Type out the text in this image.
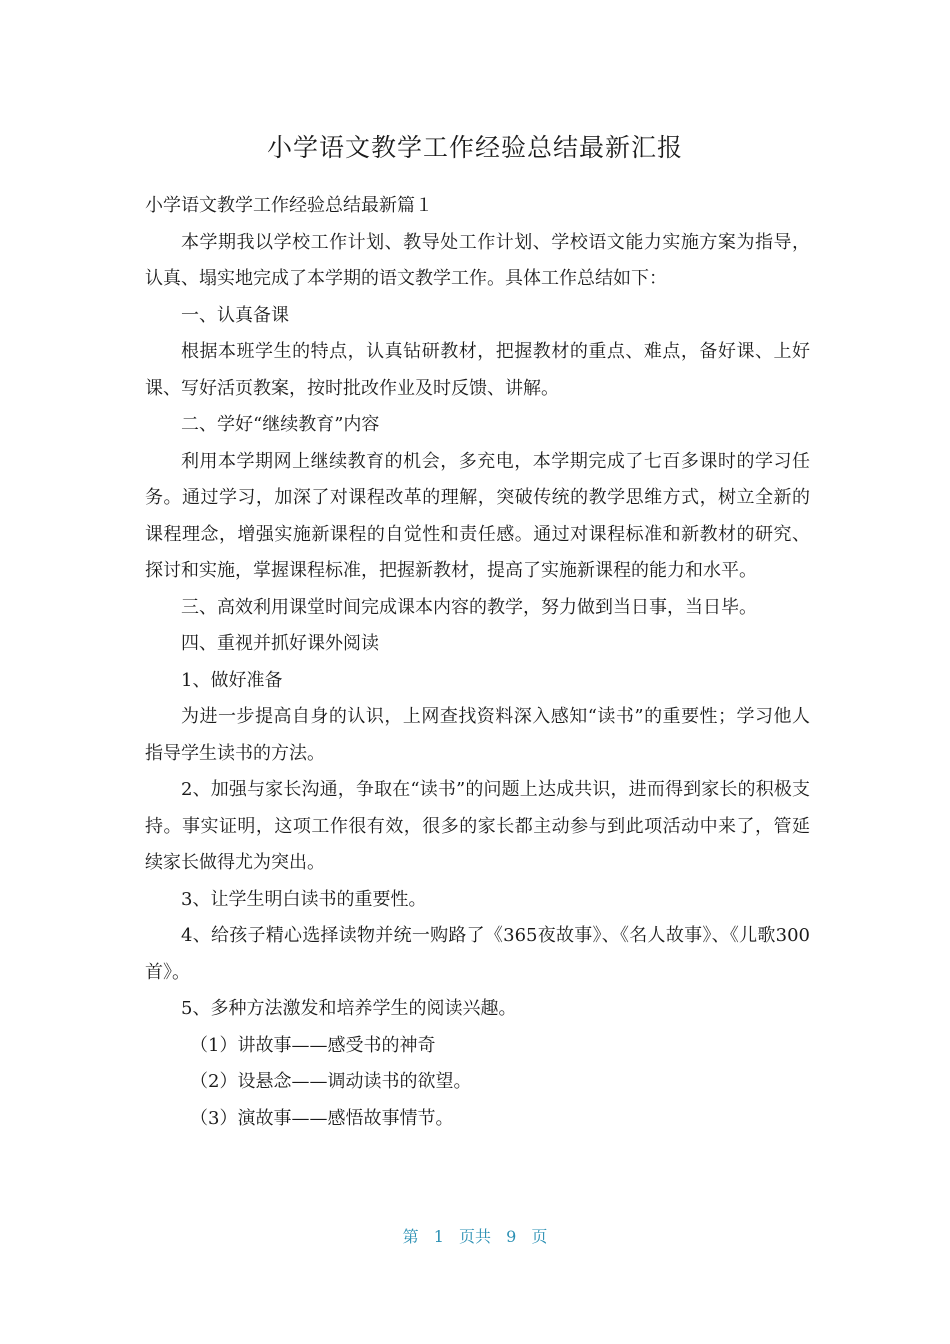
小学语文教学工作经验总结最新汇报

小学语文教学工作经验总结最新篇１

本学期我以学校工作计划、教导处工作计划、学校语文能力实施方案为指导，认真、塌实地完成了本学期的语文教学工作。具体工作总结如下：

一、认真备课

根据本班学生的特点，认真钻研教材，把握教材的重点、难点，备好课、上好课、写好活页教案，按时批改作业及时反馈、讲解。

二、学好“继续教育”内容

利用本学期网上继续教育的机会，多充电，本学期完成了七百多课时的学习任务。通过学习，加深了对课程改革的理解，突破传统的教学思维方式，树立全新的课程理念，增强实施新课程的自觉性和责任感。通过对课程标准和新教材的研究、探讨和实施，掌握课程标准，把握新教材，提高了实施新课程的能力和水平。

三、高效利用课堂时间完成课本内容的教学，努力做到当日事，当日毕。

四、重视并抓好课外阅读

1、做好准备

为进一步提高自身的认识，上网查找资料深入感知“读书”的重要性；学习他人指导学生读书的方法。

2、加强与家长沟通，争取在“读书”的问题上达成共识，进而得到家长的积极支持。事实证明，这项工作很有效，很多的家长都主动参与到此项活动中来了，管延续家长做得尤为突出。

3、让学生明白读书的重要性。

4、给孩子精心选择读物并统一购路了《365夜故事》、《名人故事》、《儿歌300首》。

5、多种方法激发和培养学生的阅读兴趣。

（1）讲故事——感受书的神奇

（2）设悬念——调动读书的欲望。

（3）演故事——感悟故事情节。

第 1 页共 9 页
